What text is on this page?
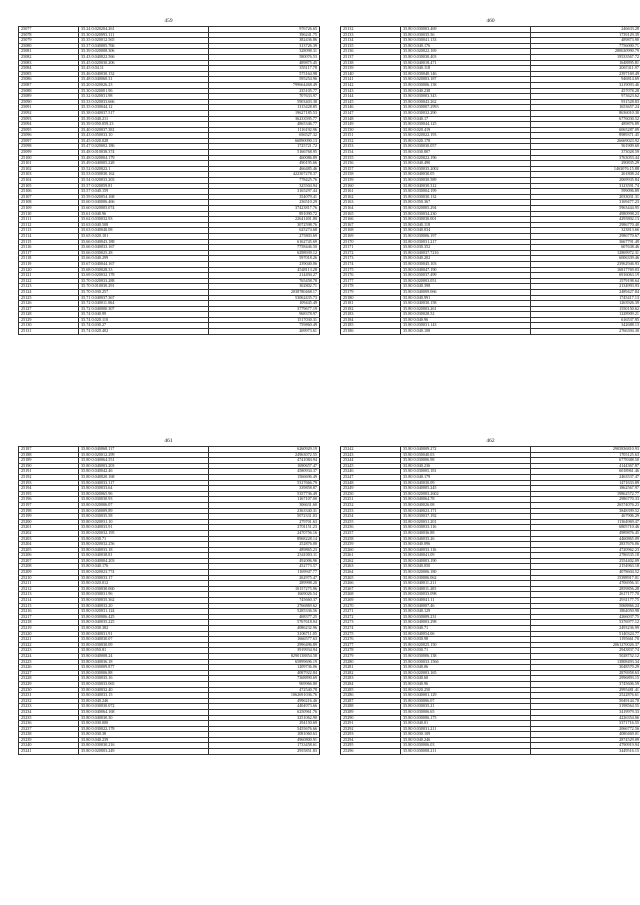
459
25077	35.24 0.020204.261	976726.65
25078	35.30 0.020093.111	396241.75
25079	35.35 0.020012.565	382436.86
25080	35.37 0.040005.766	313726.39
25081	35.39 0.020008.306	328098.31
25082	35.43 0.040022.566	580076.53
25083	35.45 0.020030.206	489875.45
25084	35.45 0.04.11	355117.78
25085	35.46 0.040030.152	575164.98
25086	35.48 0.040060.31	595254.96
25087	35.20 0.020026.23	799664468.49
25088	35.30 0.020001.96	235105.77
25089	35.32 0.020031.98	707633.97
25090	35.33 0.020033.666	5903403.38
25091	35.35 0.030044.12	1315428.85
25092	35.38 0.040037.517	19627185.53
25093	35.39 0.040.211	36233595.77
25094	35.39 0.050.059.23	4865346.77
25095	35.40 0.020037.381	1116192.96
25096	35.43 0.050033.10	656527.32
25097	35.45 0.020.028	66890090.13
25098	35.47 0.020002.186	1725721.72
25099	35.48 0.010038.374	5166768.95
25100	35.48 0.020004.179	460086.89
25101	35.49 0.040005.228	490195.66
25102	35.52 0.020022.1	466485.46
25103	35.53 0.030030.162	422307278.37
25104	35.54 0.020033.203	778425.76
25105	35.57 0.020059.81	325504.94
25106	35.57 0.040.159	3165297.44
25107	35.59 0.020054.168	354079.41
25108	35.60 0.040006.466	236510.29
25109	35.60 0.020005.074	37423817.76
25110	35.61 0.040.96	891090.72
25111	35.62 0.030032.93	22641401.80
25112	35.63 0.040.508	3072598.76
25113	35.63 0.040040.08	625274.68
25114	35.65 0.020.101	275803.69
25115	35.66 0.040043.188	6162745.69
25116	35.66 0.040033.167	7758446.50
25117	35.66 0.030025.28	6298939.12
25118	35.66 0.040.299	597018.26
25119	35.67 0.040044.167	239040.06
25120	35.68 0.030028.33	4548113.28
25121	35.69 0.020032.178	214494.27
25122	35.70 0.020033.288	765458.78
25123	35.70 0.010030.291	302802.71
25124	35.70 0.030.257	2038780468.17
25125	35.71 0.040037.367	53062435.73
25126	35.72 0.040011.064	109445.49
25127	35.72 0.040000.307	3779677.19
25128	35.74 0.040.99	968378.97
25129	35.74 0.020.110	1517030.31
25130	35.74 0.030.27	759860.49
25131	35.74 0.020.402	269973.61
460
25132	35.80 0.030003.469	246633.28
25133	35.80 0.030035.56	1739129.39
25134	35.80 0.030041.133	489873.90
25135	35.80 0.040.176	7756000.71
25136	35.80 0.020022.169	280630990.79
25137	35.80 0.030030.403	19533567.72
25138	35.80 0.040018.471	1648895.81
25139	35.80 0.040.118	2067411.97
25140	35.80 0.030040.146	2397169.49
25141	35.80 0.020003.187	946814.69
25142	35.80 0.030006.138	3219093.46
25143	35.80 0.040.238	457078.28
25144	35.80 0.030003.343	973623.62
25145	35.80 0.030043.262	931528.83
25146	35.80 0.030007.2993	1653657.24
25147	35.80 0.030032.290	8636010.30
25148	35.80 0.040.17	6776030.52
25149	35.80 0.030044.125	489876.89
25150	35.80 0.020.419	6065287.09
25151	35.80 0.020022.193	8989371.45
25152	35.80 0.020.178	26669023.92
25153	35.80 0.030030.057	561909.60
25154	35.80 0.030.807	373028.59
25155	35.80 0.020022.196	3763053.44
25156	35.80 0.040.490	290835.29
25157	35.80 0.030035.2002	1463076.15.88
25158	35.80 0.040030.05	261808.24
25159	35.80 0.030030.589	2069935.84
25160	35.80 0.040030.312	3123591.74
25161	35.80 0.030004.199	599096.89
25162	35.80 0.030030.132	2033031.31
25163	35.80 0.050.367	3169477.23
25164	35.80 0.020005.294	5963444.95
25165	35.80 0.030034.230	4980998.23
25166	35.80 0.030030.001	4295802.13
25167	35.80 0.040.118	2986770.40
25168	35.80 0.040.034	323813.66
25169	35.80 0.030006.197	2986770.67
25170	35.80 0.030031.217	3667791.49
25171	35.80 0.030.352	607638.46
25172	35.80 0.040037.7216	12869972.31
25173	35.80 0.040.202	6006339.46
25174	35.80 0.030045.103	23962946.93
25175	35.80 0.040047.190	16817769.03
25176	35.80 0.030037.499	6916063.19
25177	35.80 0.020003.051	1579198.64
25178	35.80 0.040.398	2134993.93
25179	35.80 0.040009.066	2489427.84
25180	35.80 0.040.991	1745417.13
25181	35.80 0.040030.158	1263926.39
25182	35.80 0.020003.261	1550150.62
25183	35.80 0.030028.52	1228909.21
25184	35.80 0.040.96	616537.95
25185	35.80 0.030031.143	342688.13
25186	35.80 0.040.108	2766394.30
461
25187	35.80 0.040068.117	6260929.19
25188	35.80 0.020012.299	24963072.55
25189	35.80 0.040064.551	4741084.94
25190	35.80 0.040003.203	1690657.47
25191	35.80 0.040042.46	4580934.37
25192	35.80 0.040020.168	1566696.49
25193	35.80 0.040033.117	5317666.79
25194	35.80 0.030033.64	339858.87
25195	35.80 0.020065.96	5357736.49
25196	35.80 0.030030.93	1167107.00
25197	35.80 0.020006.07	306631.60
25198	35.80 0.030009.89	2363340.31
25199	35.80 0.030035.58	5072331.03
25200	35.80 0.020031.10	279701.63
25201	35.80 0.040033.91	2701151.23
25202	35.80 0.020032.195	2470756.16
25203	35.80 0.030.71	8968228.14
25204	35.80 0.020032.256	252876.00
25205	35.80 0.040033.18	489865.23
25206	35.80 0.040038.81	2341003.11
25207	35.80 0.040004.203	492006.96
25208	35.80 0.040.176	452773.57
25209	35.80 0.020023.774	1169947.77
25210	35.80 0.030033.17	262975.47
25211	35.80 0.020.012	289998.20
25212	35.80 0.030030.060	10157275.96
25213	35.80 0.030031.96	1669026.54
25214	35.80 0.030035.362	745660.37
25215	35.80 0.040033.20	2766869.62
25216	35.80 0.020031.124	5285336.56
25217	35.80 0.030006.425	468377.25
25218	35.80 0.040035.225	5767618.04
25219	35.80 0.030.382	4086232.96
25220	35.80 0.040031.91	3106711.05
25221	35.80 0.040030.07	1666577.63
25222	35.80 0.030030.09	2996496.89
25223	35.80 0.050.81	3919934.94
25224	35.80 0.040008.24	8290138854.58
25225	35.80 0.040036.18	65899696.19
25226	35.80 0.030009.877	1209736.06
25227	35.80 0.030006.88	4087922.84
25228	35.80 0.030035.16	7368890.69
25229	35.80 0.030033.065	969966.80
25230	35.80 0.040032.40	472540.78
25231	35.80 0.040033.15	1062691036.76
25232	35.80 0.040.246	4996216.46
25233	35.80 0.030030.072	4404973.66
25234	35.80 0.040064.168	6250961.76
25235	35.80 0.040030.30	3251062.90
25236	35.80 0.030.000	294150.69
25237	35.80 0.030022.178	5455676.66
25238	35.80 0.030.38	1081060.63
25239	35.80 0.040.239	4960800.91
25240	35.80 0.030030.216	1733458.61
25241	35.80 0.020003.249	2955851.83
462
25242	35.80 0.040009.272	2905836810.93
25243	35.80 0.030040.03	1705125.63
25244	35.80 0.030006.98	6778388.50
25245	35.80 0.040.236	4144367.87
25246	35.80 0.030005.181	6018961.46
25247	35.80 0.040.179	2463537.47
25248	35.80 0.040030.09	1471633.89
25249	35.80 0.040005.245	1862567.97
25250	35.80 0.020003.2602	19862572.77
25251	35.80 0.040064.78	2986770.33
25252	35.80 0.040026.08	26574076.23
25253	35.80 0.040023.171	3848399.52
25254	35.80 0.030037.192	467906.29
25255	35.80 0.020031.201	11364969.47
25256	35.80 0.030033.116	6805710.46
25257	35.80 0.040036.88	4989876.45
25258	35.80 0.040035.26	4460865.09
25259	35.80 0.040.096	2837676.06
25260	35.80 0.040033.116	4720962.23
25261	35.80 0.040041.09	2786535.18
25262	35.80 0.040003.190	2554402.09
25263	35.80 0.040.050	2154963.18
25264	35.80 0.020006.180	4078604.52
25265	35.80 0.030006.062	15398917.01
25266	35.80 0.040011.211	4706956.31
25267	35.80 0.040011.205	2859856.28
25268	35.80 0.030033.098	2617177.70
25269	35.80 0.040041.11	2931177.75
25270	35.80 0.040007.46	5068866.24
25271	35.80 0.040.129	1864050.98
25272	35.80 0.030009.231	4266037.75
25273	35.80 0.040003.298	5376977.12
25274	35.80 0.040.71	2493236.99
25275	35.80 0.040054.06	5140324.77
25276	35.80 0.030.98	1195661.70
25277	35.80 0.020025.150	2061270026.37
25278	35.80 0.030.71	2943837.74
25279	35.80 0.030006.138	5028752.12
25280	35.80 0.030033.1566	13808493.34
25281	35.80 0.040.06	3048570.29
25282	35.80 0.020003.165	2876958.63
25283	35.80 0.040.60	2996893.15
25284	35.80 0.040.96	3745606.59
25285	35.80 0.020.250	2995481.41
25286	35.80 0.040001.129	2522876.61
25287	35.80 0.030006.07	5049144.78
25288	35.80 0.030035.21	3198564.55
25289	35.80 0.030006.65	3419979.33
25290	35.80 0.030006.175	4226354.06
25291	35.80 0.040.01	5371716.55
25292	35.80 0.030031.211	2066772.56
25293	35.80 0.030.109	4080469.01
25294	35.80 0.040.246	2874529.09
25295	35.80 0.030006.03	4790919.94
25296	35.80 0.030008.211	3449516.15
